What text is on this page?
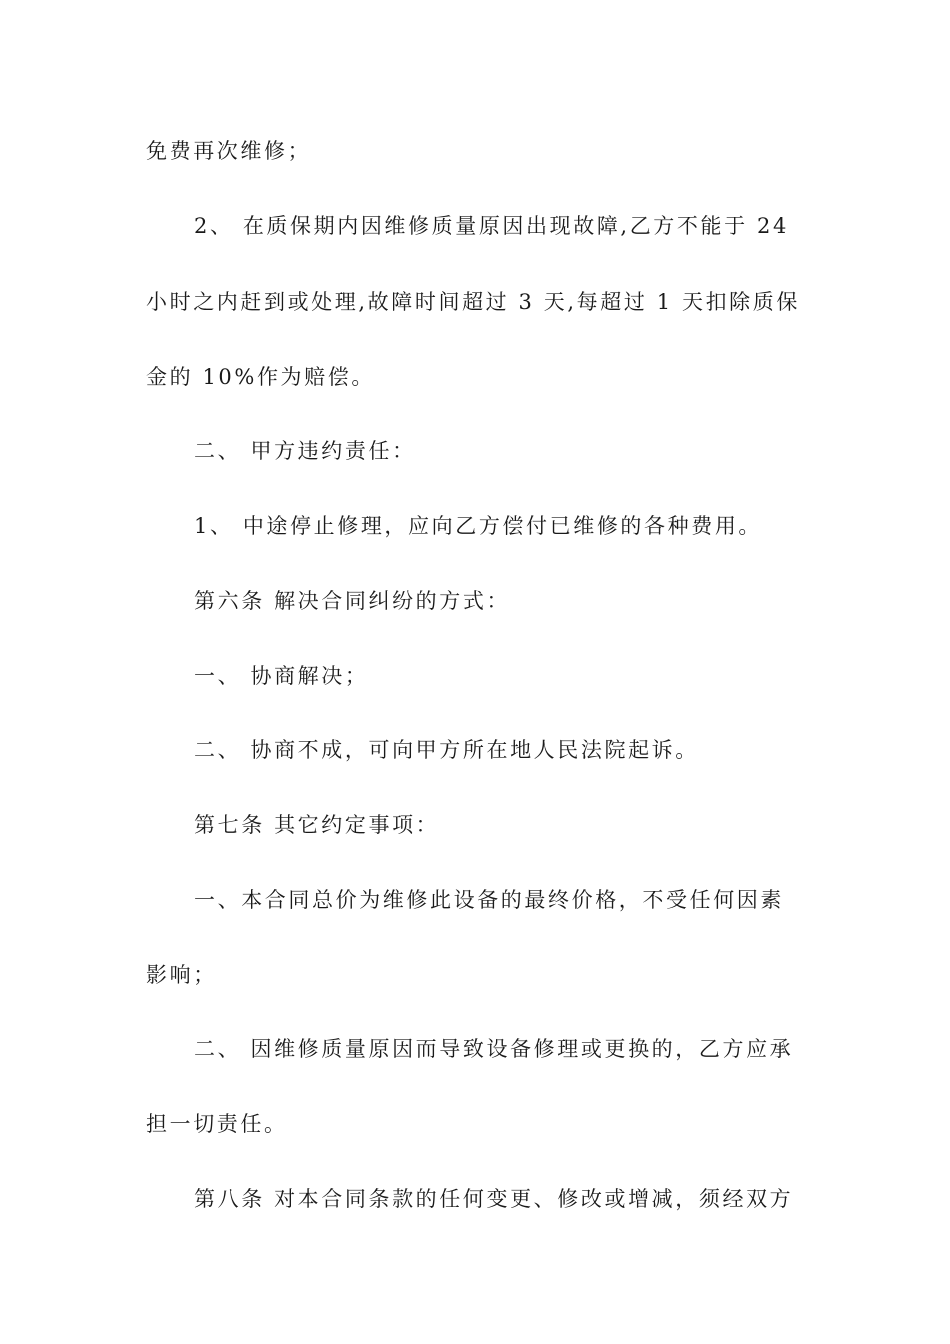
免费再次维修；
2、 在质保期内因维修质量原因出现故障,乙方不能于 24
小时之内赶到或处理,故障时间超过 3 天,每超过 1 天扣除质保
金的 10%作为赔偿。
二、 甲方违约责任：
1、 中途停止修理，应向乙方偿付已维修的各种费用。
第六条 解决合同纠纷的方式：
一、 协商解决；
二、 协商不成，可向甲方所在地人民法院起诉。
第七条 其它约定事项：
一、本合同总价为维修此设备的最终价格，不受任何因素
影响；
二、 因维修质量原因而导致设备修理或更换的，乙方应承
担一切责任。
第八条 对本合同条款的任何变更、修改或增减，须经双方
